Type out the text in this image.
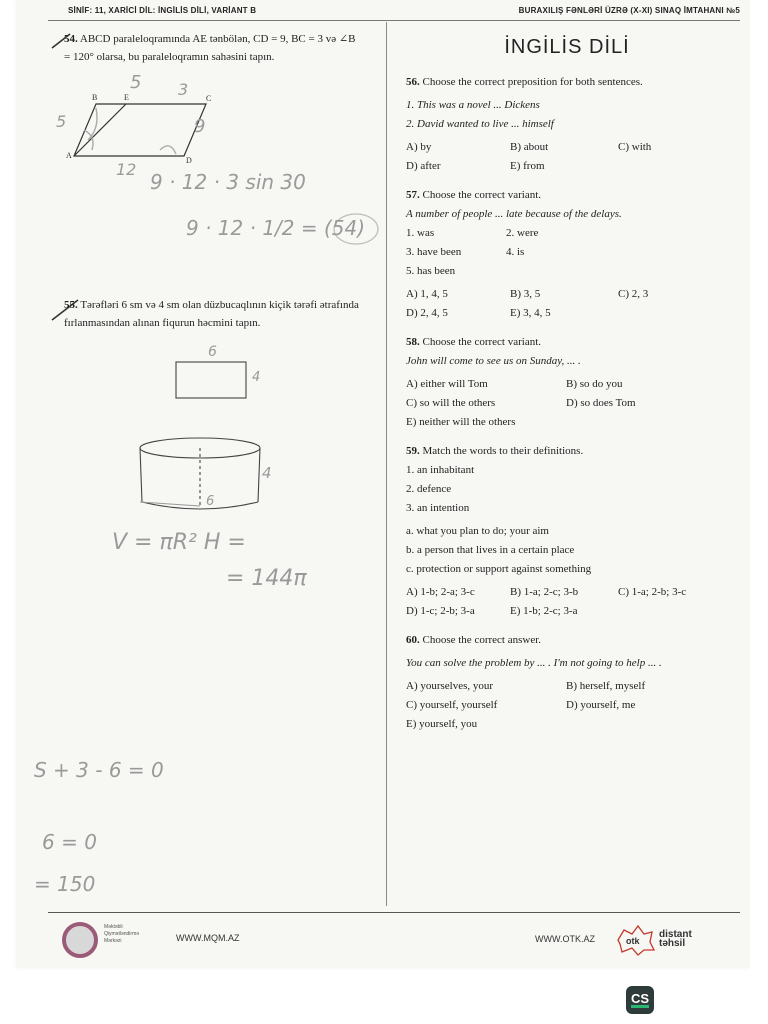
SİNİF: 11, XARİCİ DİL: İNGİLİS DİLİ, VARİANT B	BURAXILIŞ FƏNLƏRİ ÜZRƏ (X-XI) SINAQ İMTAHANI №5
54. ABCD paraleloqramında AE tənbölən, CD = 9, BC = 3 və ∠B = 120° olarsa, bu paraleloqramın sahəsini tapın.
A
B	C
D
E
55. Tərəfləri 6 sm və 4 sm olan düzbucaqlının kiçik tərəfi ətrafında fırlanmasından alınan fiqurun həcmini tapın.
5 3
5	9
12
9 · 12 · 3 sin 30
9 · 12 · 1/2 = (54)
6
4
4
6
V = πR² H =
= 144π
S + 3 - 6 = 0
6 = 0
= 150
İNGİLİS DİLİ
56. Choose the correct preposition for both sentences.
1. This was a novel ... Dickens
2. David wanted to live ... himself
A) by	B) about	C) with
D) after	E) from
57. Choose the correct variant.
A number of people ... late because of the delays.
1. was	2. were
3. have been	4. is
5. has been
A) 1, 4, 5	B) 3, 5	C) 2, 3
D) 2, 4, 5	E) 3, 4, 5
58. Choose the correct variant.
John will come to see us on Sunday, ... .
A) either will Tom	B) so do you
C) so will the others	D) so does Tom
E) neither will the others
59. Match the words to their definitions.
1. an inhabitant
2. defence
3. an intention
a. what you plan to do; your aim
b. a person that lives in a certain place
c. protection or support against something
A) 1-b; 2-a; 3-c	B) 1-a; 2-c; 3-b	C) 1-a; 2-b; 3-c
D) 1-c; 2-b; 3-a	E) 1-b; 2-c; 3-a
60. Choose the correct answer.
You can solve the problem by ... . I'm not going to help ... .
A) yourselves, your	B) herself, myself
C) yourself, yourself	D) yourself, me
E) yourself, you
Məktəbli Qiymətləndirmə Mərkəzi	WWW.MQM.AZ	WWW.OTK.AZ	otk
distant
təhsil
CS
